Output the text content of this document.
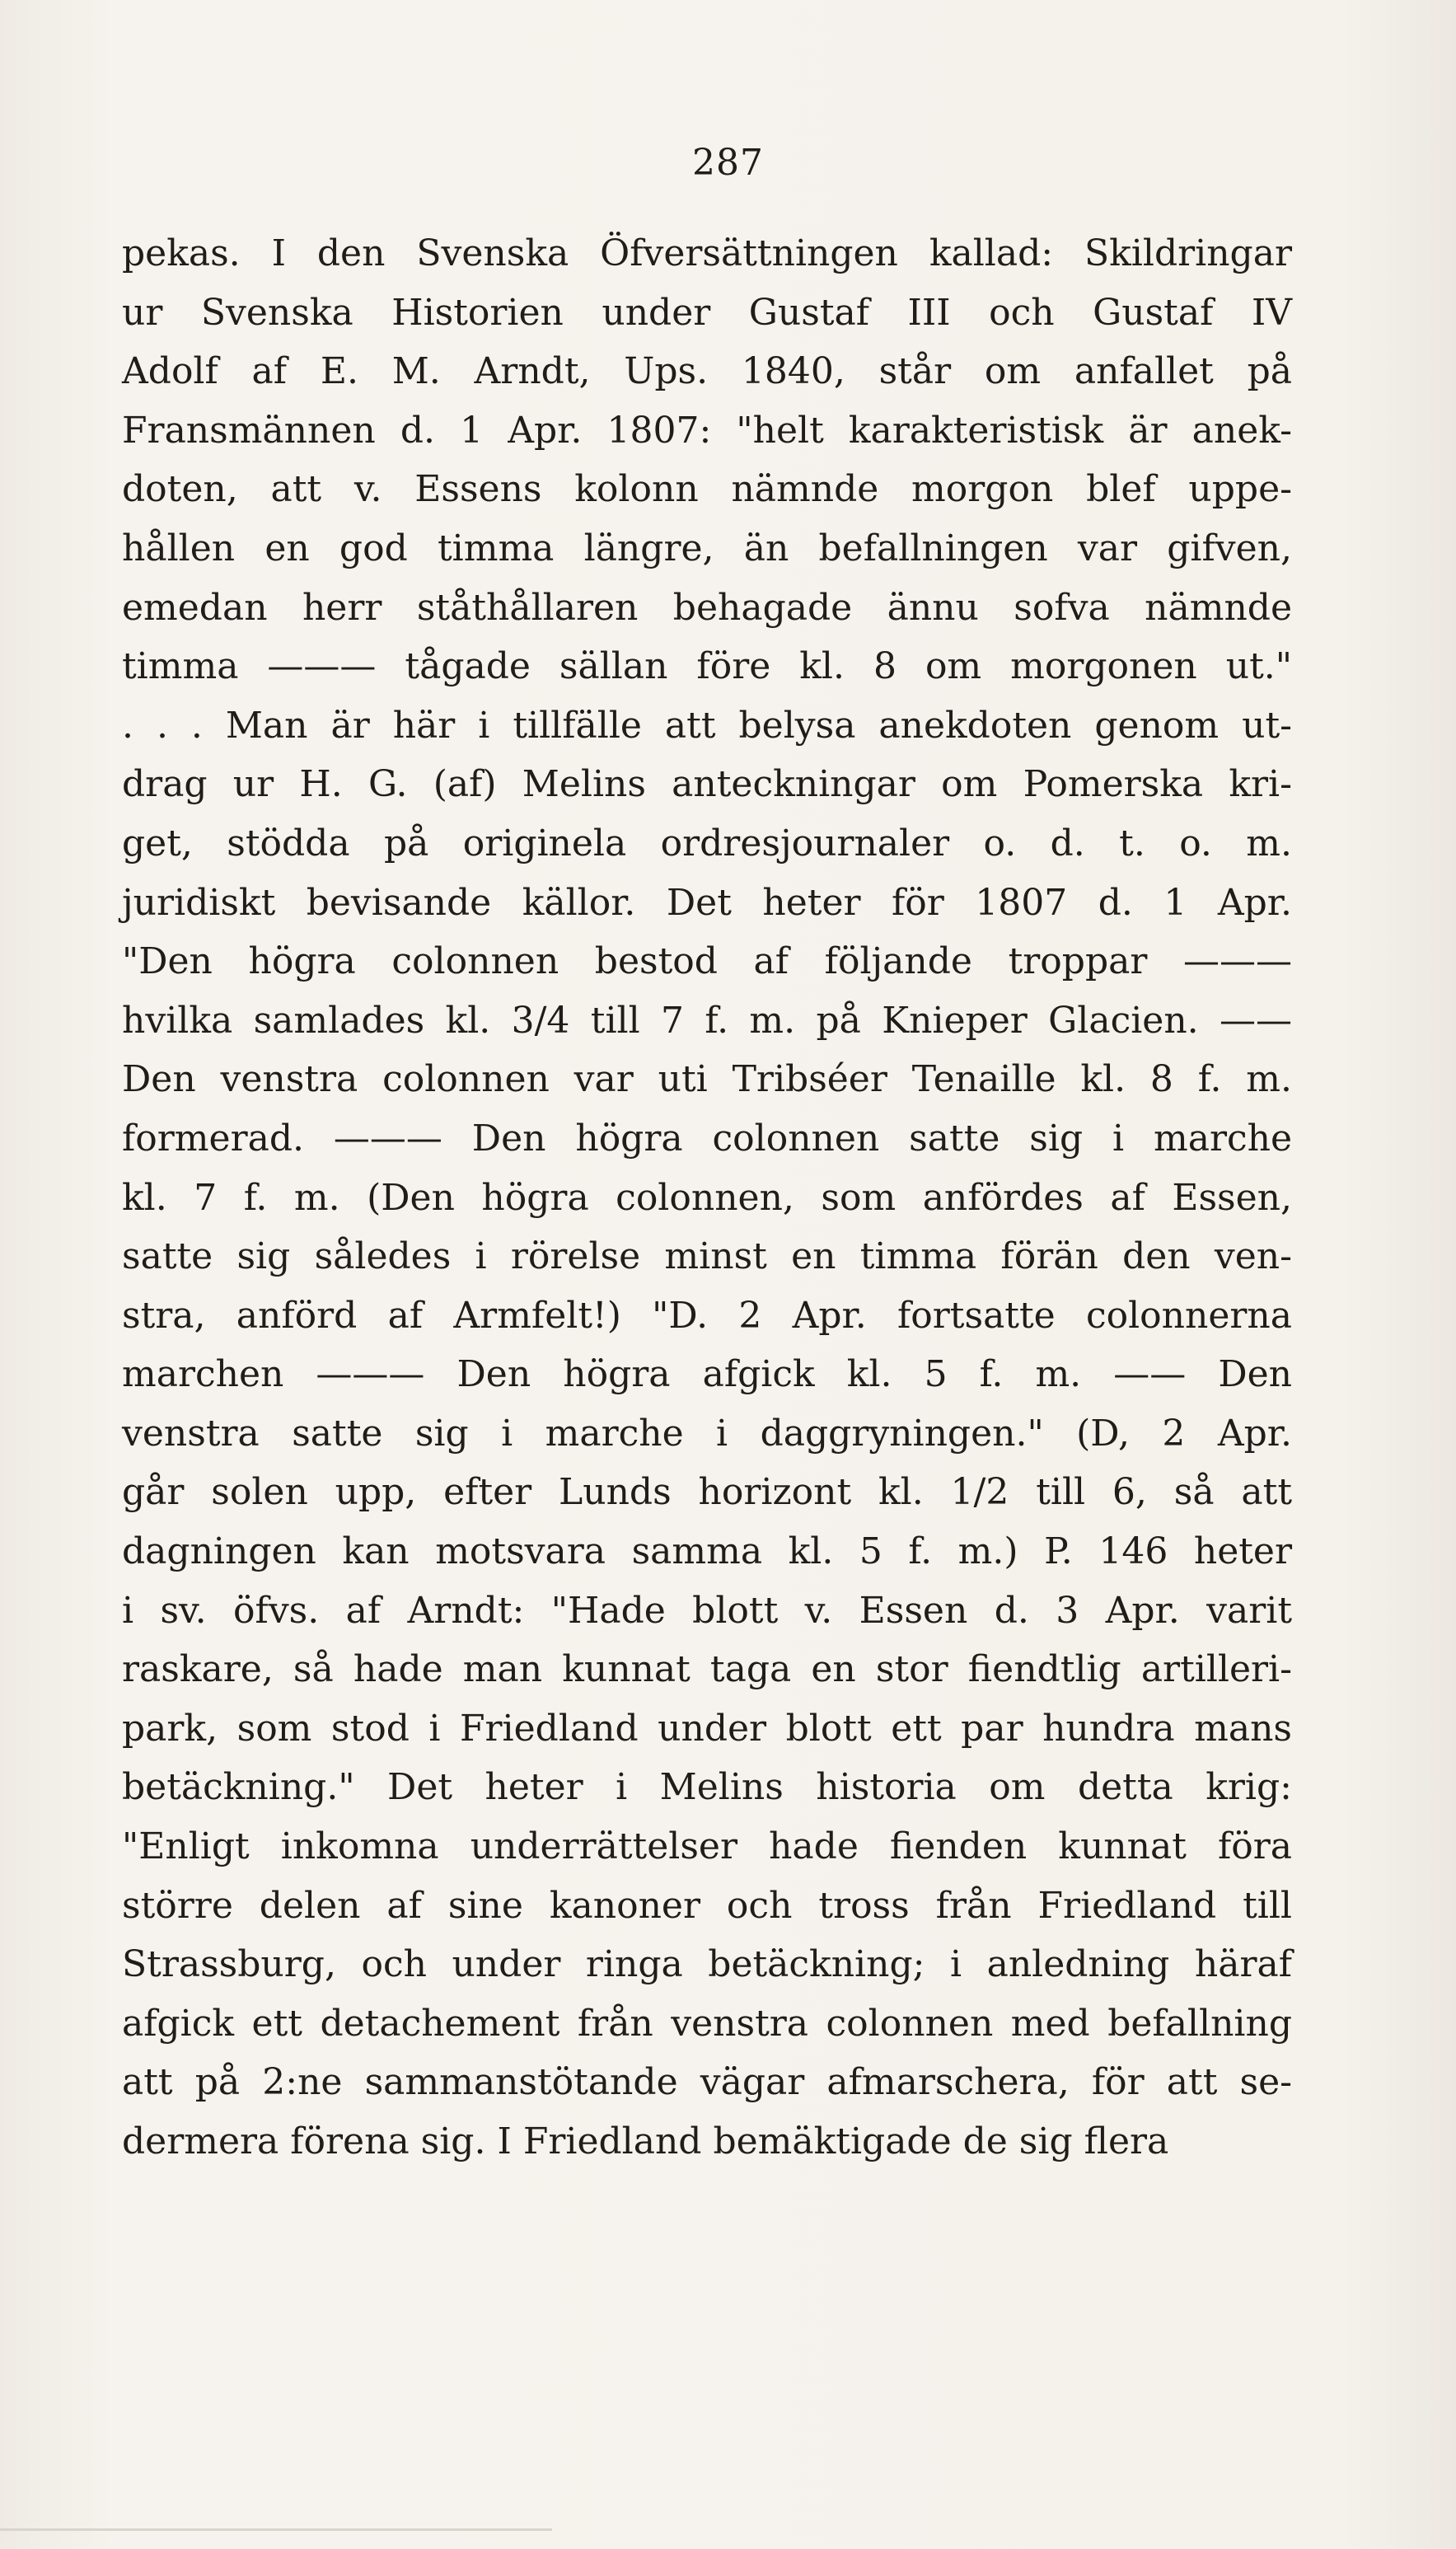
287
pekas. I den Svenska Öfversättningen kallad: Skildringar
ur Svenska Historien under Gustaf III och Gustaf IV
Adolf af E. M. Arndt, Ups. 1840, står om anfallet på
Fransmännen d. 1 Apr. 1807: "helt karakteristisk är anek-
doten, att v. Essens kolonn nämnde morgon blef uppe-
hållen en god timma längre, än befallningen var gifven,
emedan herr ståthållaren behagade ännu sofva nämnde
timma ——— tågade sällan före kl. 8 om morgonen ut."
. . . Man är här i tillfälle att belysa anekdoten genom ut-
drag ur H. G. (af) Melins anteckningar om Pomerska kri-
get, stödda på originela ordresjournaler o. d. t. o. m.
juridiskt bevisande källor. Det heter för 1807 d. 1 Apr.
"Den högra colonnen bestod af följande troppar ———
hvilka samlades kl. 3/4 till 7 f. m. på Knieper Glacien. ——
Den venstra colonnen var uti Tribséer Tenaille kl. 8 f. m.
formerad. ——— Den högra colonnen satte sig i marche
kl. 7 f. m. (Den högra colonnen, som anfördes af Essen,
satte sig således i rörelse minst en timma förän den ven-
stra, anförd af Armfelt!) "D. 2 Apr. fortsatte colonnerna
marchen ——— Den högra afgick kl. 5 f. m. —— Den
venstra satte sig i marche i daggryningen." (D, 2 Apr.
går solen upp, efter Lunds horizont kl. 1/2 till 6, så att
dagningen kan motsvara samma kl. 5 f. m.) P. 146 heter
i sv. öfvs. af Arndt: "Hade blott v. Essen d. 3 Apr. varit
raskare, så hade man kunnat taga en stor fiendtlig artilleri-
park, som stod i Friedland under blott ett par hundra mans
betäckning." Det heter i Melins historia om detta krig:
"Enligt inkomna underrättelser hade fienden kunnat föra
större delen af sine kanoner och tross från Friedland till
Strassburg, och under ringa betäckning; i anledning häraf
afgick ett detachement från venstra colonnen med befallning
att på 2:ne sammanstötande vägar afmarschera, för att se-
dermera förena sig. I Friedland bemäktigade de sig flera
